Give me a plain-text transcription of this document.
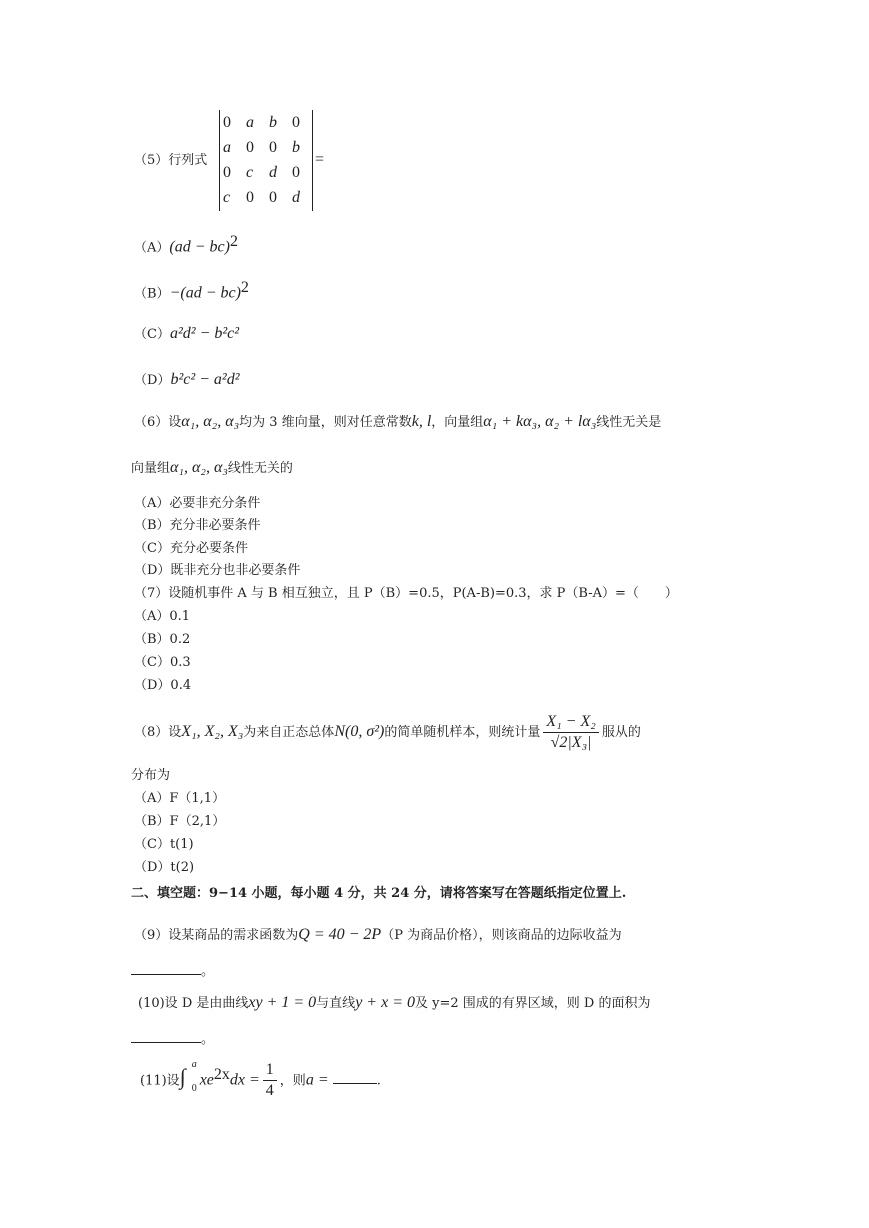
（5）行列式
0	a	b	0
a	0	0	b
0	c	d	0
c	0	0	d
=
（A）(ad − bc)$^2$
（B）−(ad − bc)$^2$
（C）a²d² − b²c²
（D）b²c² − a²d²
（6）设α₁, α₂, α₃均为 3 维向量，则对任意常数k, l，向量组α₁ + kα₃, α₂ + lα₃线性无关是
向量组α₁, α₂, α₃线性无关的
（A）必要非充分条件
（B）充分非必要条件
（C）充分必要条件
（D）既非充分也非必要条件
（7）设随机事件 A 与 B 相互独立，且 P（B）=0.5，P(A-B)=0.3，求 P（B-A）=（　　）
（A）0.1
（B）0.2
（C）0.3
（D）0.4
（8）设X₁, X₂, X₃为来自正态总体N(0, σ²)的简单随机样本，则统计量 $\frac{\text{X₁ − X₂}}{\text{√2|X₃|}}$ 服从的
分布为
（A）F（1,1）
（B）F（2,1）
（C）t(1)
（D）t(2)
二、填空题：9−14 小题，每小题 4 分，共 24 分，请将答案写在答题纸指定位置上.
（9）设某商品的需求函数为Q = 40 − 2P（P 为商品价格），则该商品的边际收益为
。
(10)设 D 是由曲线xy + 1 = 0与直线y + x = 0及 y=2 围成的有界区域，则 D 的面积为
。
(11)设∫ a
0
$xe^{2x}dx = \frac{1}{4}$ ，则a =	.
